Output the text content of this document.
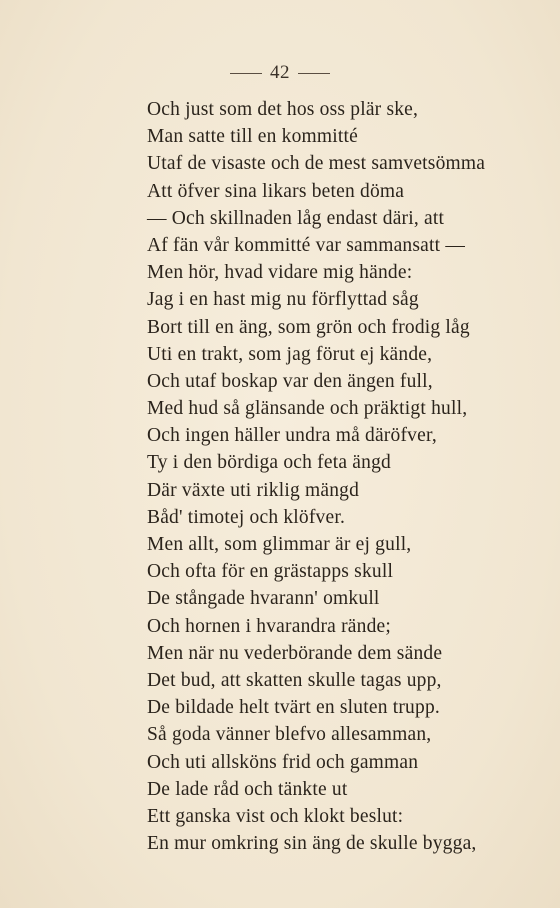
42
Och just som det hos oss plär ske,
Man satte till en kommitté
Utaf de visaste och de mest samvetsömma
Att öfver sina likars beten döma
— Och skillnaden låg endast däri, att
Af fän vår kommitté var sammansatt —
Men hör, hvad vidare mig hände:
Jag i en hast mig nu förflyttad såg
Bort till en äng, som grön och frodig låg
Uti en trakt, som jag förut ej kände,
Och utaf boskap var den ängen full,
Med hud så glänsande och präktigt hull,
Och ingen häller undra må däröfver,
Ty i den bördiga och feta ängd
Där växte uti riklig mängd
Båd' timotej och klöfver.
Men allt, som glimmar är ej gull,
Och ofta för en grästapps skull
De stångade hvarann' omkull
Och hornen i hvarandra rände;
Men när nu vederbörande dem sände
Det bud, att skatten skulle tagas upp,
De bildade helt tvärt en sluten trupp.
Så goda vänner blefvo allesamman,
Och uti allsköns frid och gamman
De lade råd och tänkte ut
Ett ganska vist och klokt beslut:
En mur omkring sin äng de skulle bygga,
